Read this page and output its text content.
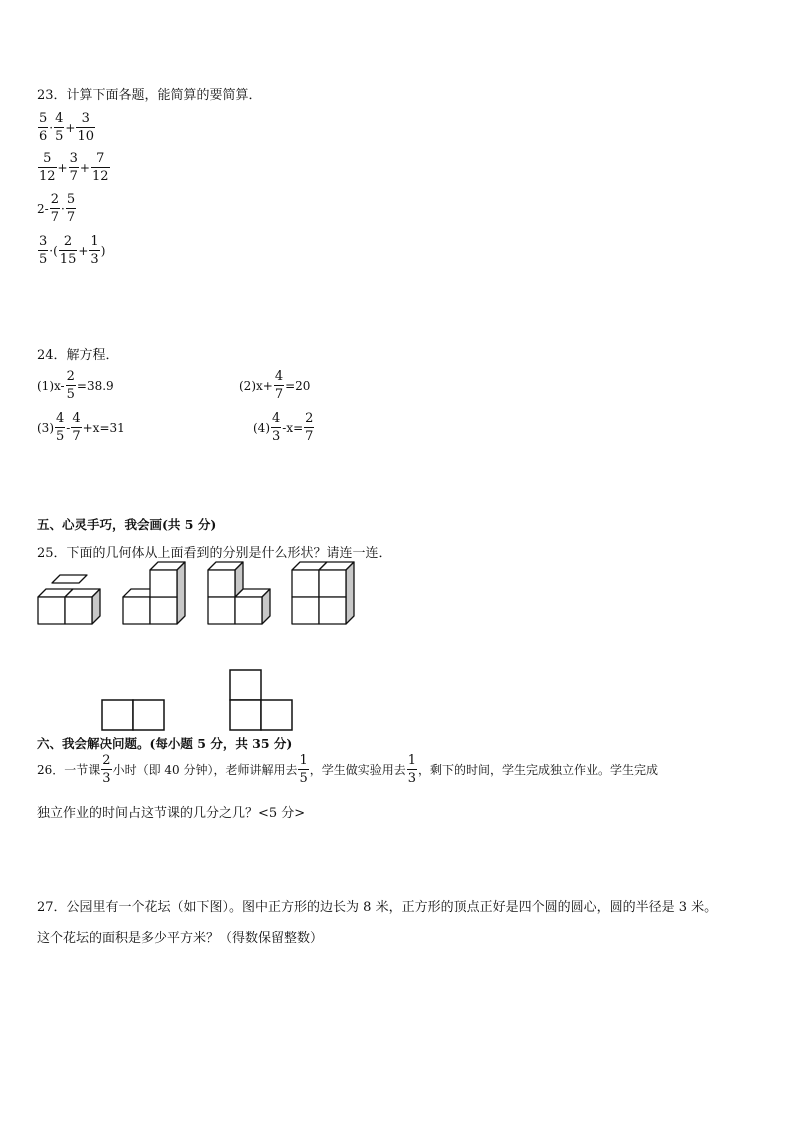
23．计算下面各题，能简算的要简算．
$\frac{5}{6} \cdot \frac{4}{5} + \frac{3}{10}$
$\frac{5}{12} + \frac{3}{7} + \frac{7}{12}$
$2- \frac{2}{7} \cdot \frac{5}{7}$
$\frac{3}{5}$ ·( $\frac{2}{15} + \frac{1}{3}$ )
24．解方程．
$(1)x- \frac{2}{5} =38.9$	$(2)x+ \frac{4}{7} =20$
$(3) \frac{4}{5} - \frac{4}{7} +x=31$	$(4) \frac{4}{3} -x= \frac{2}{7}$
五、心灵手巧，我会画(共 5 分)
25．下面的几何体从上面看到的分别是什么形状？请连一连．
六、我会解决问题。(每小题 5 分，共 35 分)
26．一节课 $\frac{2}{3}$ 小时（即 40 分钟），老师讲解用去 $\frac{1}{5}$ ，学生做实验用去 $\frac{1}{3}$ ，剩下的时间，学生完成独立作业。学生完成
独立作业的时间占这节课的几分之几？<5 分>
27．公园里有一个花坛（如下图）。图中正方形的边长为 8 米，正方形的顶点正好是四个圆的圆心，圆的半径是 3 米。
这个花坛的面积是多少平方米？（得数保留整数）
